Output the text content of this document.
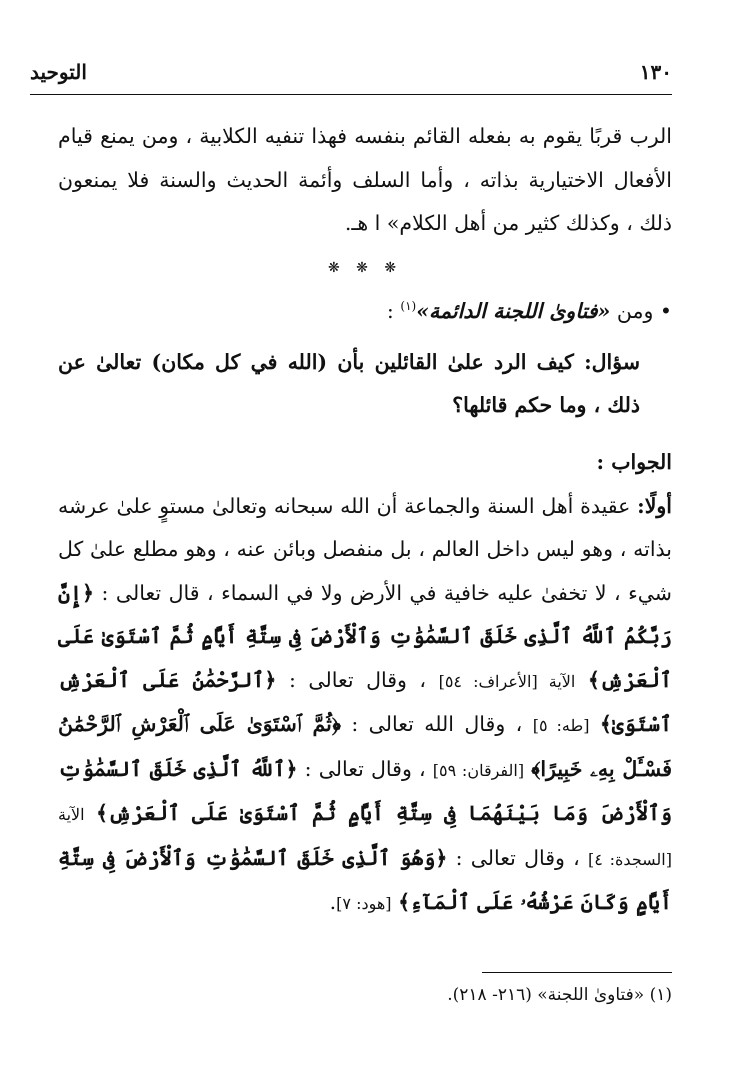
١٣٠
التوحيد

الرب قربًا يقوم به بفعله القائم بنفسه فهذا تنفيه الكلابية ، ومن يمنع قيام الأفعال الاختيارية بذاته ، وأما السلف وأئمة الحديث والسنة فلا يمنعون ذلك ، وكذلك كثير من أهل الكلام» ا هـ.

❋ ❋ ❋

• ومن «فتاوىٰ اللجنة الدائمة»$^{(١)}$ :

سؤال: كيف الرد علىٰ القائلين بأن (الله في كل مكان) تعالىٰ عن ذلك ، وما حكم قائلها؟

الجواب :

أولًا: عقيدة أهل السنة والجماعة أن الله سبحانه وتعالىٰ مستوٍ علىٰ عرشه بذاته ، وهو ليس داخل العالم ، بل منفصل وبائن عنه ، وهو مطلع علىٰ كل شيء ، لا تخفىٰ عليه خافية في الأرض ولا في السماء ، قال تعالى : ﴿إِنَّ رَبَّكُمُ ٱللَّهُ ٱلَّذِى خَلَقَ ٱلسَّمَٰوَٰتِ وَٱلْأَرْضَ فِى سِتَّةِ أَيَّامٍ ثُمَّ ٱسْتَوَىٰ عَلَى ٱلْعَرْشِ﴾ الآية [الأعراف: ٥٤] ، وقال تعالى : ﴿ٱلرَّحْمَٰنُ عَلَى ٱلْعَرْشِ ٱسْتَوَىٰ﴾ [طه: ٥] ، وقال الله تعالى : ﴿ثُمَّ ٱسْتَوَىٰ عَلَى ٱلْعَرْشِ ٱلرَّحْمَٰنُ فَسْـَٔلْ بِهِۦ خَبِيرًا﴾ [الفرقان: ٥٩] ، وقال تعالى : ﴿ٱللَّهُ ٱلَّذِى خَلَقَ ٱلسَّمَٰوَٰتِ وَٱلْأَرْضَ وَمَا بَيْنَهُمَا فِى سِتَّةِ أَيَّامٍ ثُمَّ ٱسْتَوَىٰ عَلَى ٱلْعَرْشِ﴾ الآية [السجدة: ٤] ، وقال تعالى : ﴿وَهُوَ ٱلَّذِى خَلَقَ ٱلسَّمَٰوَٰتِ وَٱلْأَرْضَ فِى سِتَّةِ أَيَّامٍ وَكَانَ عَرْشُهُۥ عَلَى ٱلْمَآءِ﴾ [هود: ٧].

(١) «فتاوىٰ اللجنة» (٢١٦- ٢١٨).
